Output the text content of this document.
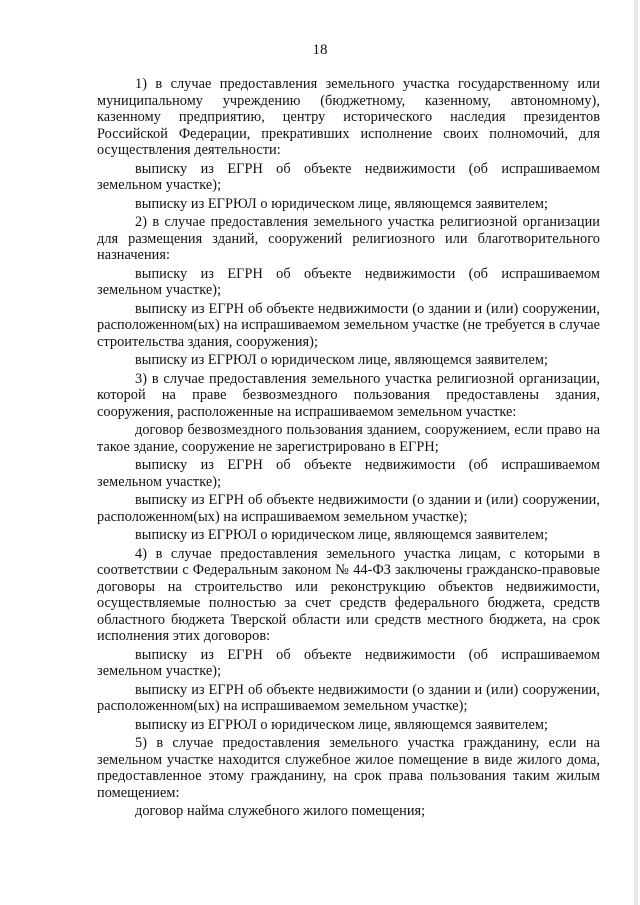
18

1) в случае предоставления земельного участка государственному или муниципальному учреждению (бюджетному, казенному, автономному), казенному предприятию, центру исторического наследия президентов Российской Федерации, прекративших исполнение своих полномочий, для осуществления деятельности:

выписку из ЕГРН об объекте недвижимости (об испрашиваемом земельном участке);

выписку из ЕГРЮЛ о юридическом лице, являющемся заявителем;

2) в случае предоставления земельного участка религиозной организации для размещения зданий, сооружений религиозного или благотворительного назначения:

выписку из ЕГРН об объекте недвижимости (об испрашиваемом земельном участке);

выписку из ЕГРН об объекте недвижимости (о здании и (или) сооружении, расположенном(ых) на испрашиваемом земельном участке (не требуется в случае строительства здания, сооружения);

выписку из ЕГРЮЛ о юридическом лице, являющемся заявителем;

3) в случае предоставления земельного участка религиозной организации, которой на праве безвозмездного пользования предоставлены здания, сооружения, расположенные на испрашиваемом земельном участке:

договор безвозмездного пользования зданием, сооружением, если право на такое здание, сооружение не зарегистрировано в ЕГРН;

выписку из ЕГРН об объекте недвижимости (об испрашиваемом земельном участке);

выписку из ЕГРН об объекте недвижимости (о здании и (или) сооружении, расположенном(ых) на испрашиваемом земельном участке);

выписку из ЕГРЮЛ о юридическом лице, являющемся заявителем;

4) в случае предоставления земельного участка лицам, с которыми в соответствии с Федеральным законом № 44-ФЗ заключены гражданско-правовые договоры на строительство или реконструкцию объектов недвижимости, осуществляемые полностью за счет средств федерального бюджета, средств областного бюджета Тверской области или средств местного бюджета, на срок исполнения этих договоров:

выписку из ЕГРН об объекте недвижимости (об испрашиваемом земельном участке);

выписку из ЕГРН об объекте недвижимости (о здании и (или) сооружении, расположенном(ых) на испрашиваемом земельном участке);

выписку из ЕГРЮЛ о юридическом лице, являющемся заявителем;

5) в случае предоставления земельного участка гражданину, если на земельном участке находится служебное жилое помещение в виде жилого дома, предоставленное этому гражданину, на срок права пользования таким жилым помещением:

договор найма служебного жилого помещения;
